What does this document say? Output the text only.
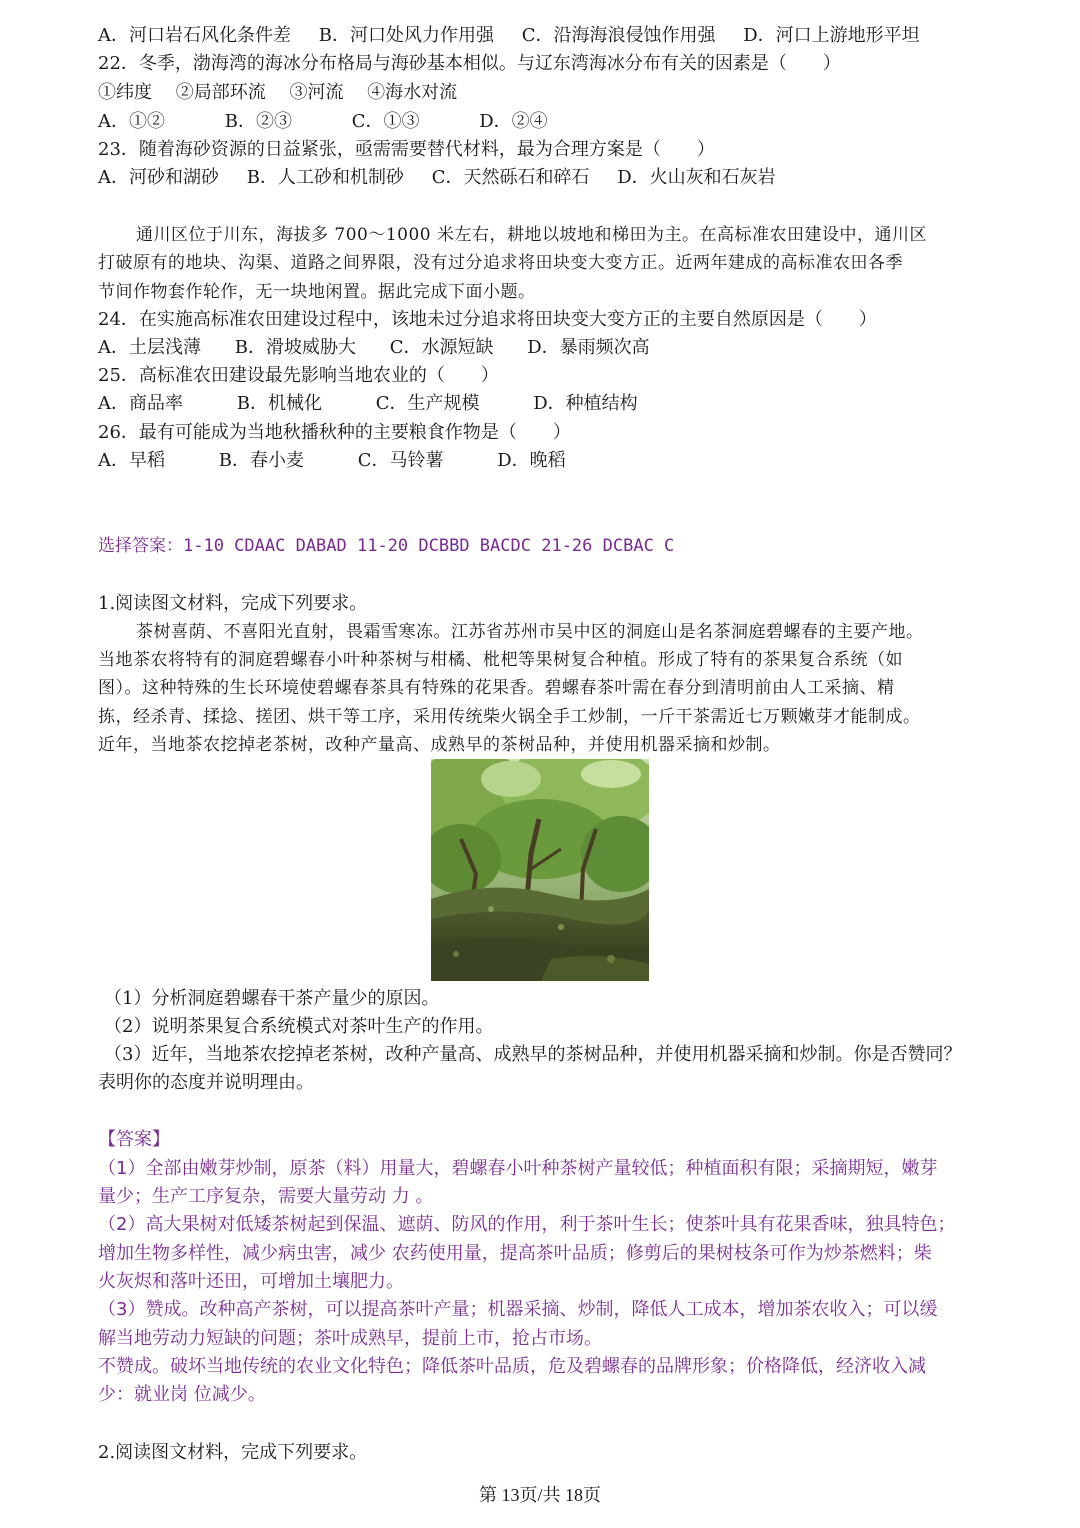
A．河口岩石风化条件差 B．河口处风力作用强 C．沿海海浪侵蚀作用强 D．河口上游地形平坦
22．冬季，渤海湾的海冰分布格局与海砂基本相似。与辽东湾海冰分布有关的因素是（　　）
①纬度　 ②局部环流　 ③河流　 ④海水对流
A．①②	B．②③	C．①③	D．②④
23．随着海砂资源的日益紧张，亟需需要替代材料，最为合理方案是（　　）
A．河砂和湖砂 B．人工砂和机制砂 C．天然砾石和碎石 D．火山灰和石灰岩
通川区位于川东，海拔多 700～1000 米左右，耕地以坡地和梯田为主。在高标准农田建设中，通川区
打破原有的地块、沟渠、道路之间界限，没有过分追求将田块变大变方正。近两年建成的高标准农田各季
节间作物套作轮作，无一块地闲置。据此完成下面小题。
24．在实施高标准农田建设过程中，该地未过分追求将田块变大变方正的主要自然原因是（　　）
A．土层浅薄 B．滑坡威胁大 C．水源短缺 D．暴雨频次高
25．高标准农田建设最先影响当地农业的（　　）
A．商品率	B．机械化	C．生产规模	D．种植结构
26．最有可能成为当地秋播秋种的主要粮食作物是（　　）
A．早稻	B．春小麦	C．马铃薯	D．晚稻
选择答案：1-10 CDAAC DABAD 11-20 DCBBD BACDC 21-26 DCBAC C
1.阅读图文材料，完成下列要求。
茶树喜荫、不喜阳光直射，畏霜雪寒冻。江苏省苏州市吴中区的洞庭山是名茶洞庭碧螺春的主要产地。
当地茶农将特有的洞庭碧螺春小叶种茶树与柑橘、枇杷等果树复合种植。形成了特有的茶果复合系统（如
图）。这种特殊的生长环境使碧螺春茶具有特殊的花果香。碧螺春茶叶需在春分到清明前由人工采摘、精
拣，经杀青、揉捻、搓团、烘干等工序，采用传统柴火锅全手工炒制，一斤干茶需近七万颗嫩芽才能制成。
近年，当地茶农挖掉老茶树，改种产量高、成熟早的茶树品种，并使用机器采摘和炒制。
（1）分析洞庭碧螺春干茶产量少的原因。
（2）说明茶果复合系统模式对茶叶生产的作用。
（3）近年，当地茶农挖掉老茶树，改种产量高、成熟早的茶树品种，并使用机器采摘和炒制。你是否赞同？
表明你的态度并说明理由。
【答案】
（1）全部由嫩芽炒制，原茶（料）用量大，碧螺春小叶种茶树产量较低；种植面积有限；采摘期短，嫩芽
量少；生产工序复杂，需要大量劳动 力 。
（2）高大果树对低矮茶树起到保温、遮荫、防风的作用，利于茶叶生长；使茶叶具有花果香味，独具特色；
增加生物多样性，减少病虫害，减少 农药使用量，提高茶叶品质；修剪后的果树枝条可作为炒茶燃料；柴
火灰烬和落叶还田，可增加土壤肥力。
（3）赞成。改种高产茶树，可以提高茶叶产量；机器采摘、炒制，降低人工成本，增加茶农收入；可以缓
解当地劳动力短缺的问题；茶叶成熟早，提前上市，抢占市场。
不赞成。破坏当地传统的农业文化特色；降低茶叶品质，危及碧螺春的品牌形象；价格降低，经济收入减
少：就业岗 位减少。
2.阅读图文材料，完成下列要求。
第 13页/共 18页
